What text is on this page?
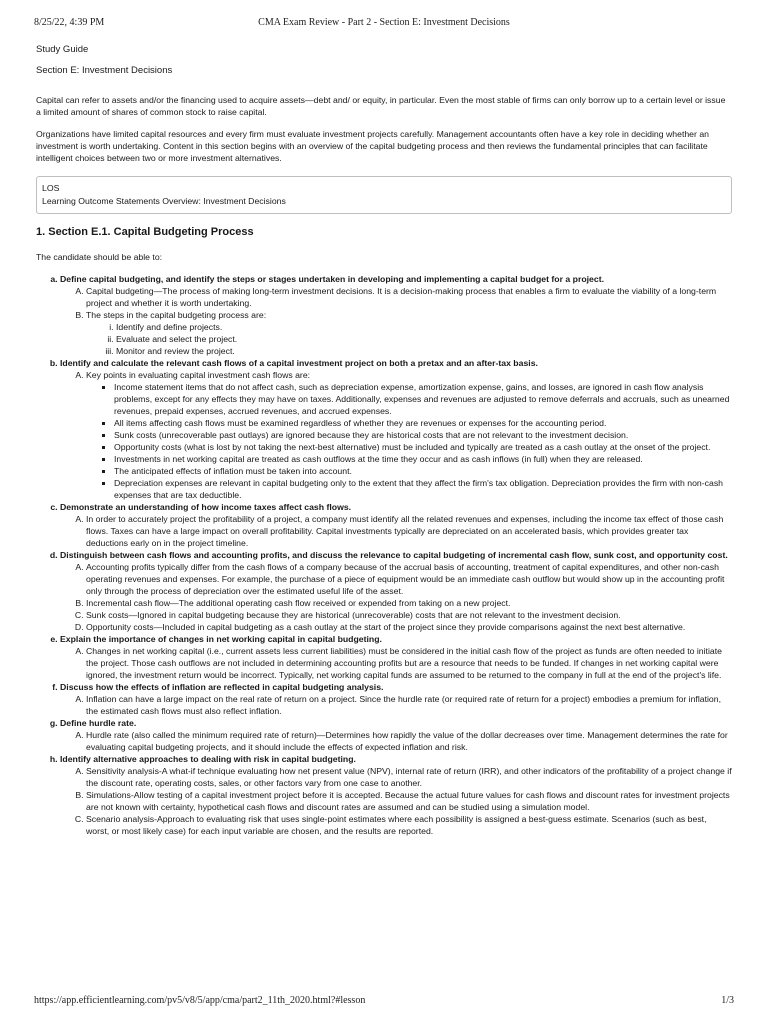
8/25/22, 4:39 PM	CMA Exam Review - Part 2 - Section E: Investment Decisions
Study Guide
Section E: Investment Decisions

Capital can refer to assets and/or the financing used to acquire assets—debt and/ or equity, in particular. Even the most stable of firms can only borrow up to a certain level or issue a limited amount of shares of common stock to raise capital.

Organizations have limited capital resources and every firm must evaluate investment projects carefully. Management accountants often have a key role in deciding whether an investment is worth undertaking. Content in this section begins with an overview of the capital budgeting process and then reviews the fundamental principles that can facilitate intelligent choices between two or more investment alternatives.

LOS
Learning Outcome Statements Overview: Investment Decisions
1. Section E.1. Capital Budgeting Process
The candidate should be able to:
a. Define capital budgeting, and identify the steps or stages undertaken in developing and implementing a capital budget for a project.
A. Capital budgeting—The process of making long-term investment decisions. It is a decision-making process that enables a firm to evaluate the viability of a long-term project and whether it is worth undertaking.
B. The steps in the capital budgeting process are:
i. Identify and define projects.
ii. Evaluate and select the project.
iii. Monitor and review the project.
b. Identify and calculate the relevant cash flows of a capital investment project on both a pretax and an after-tax basis.
A. Key points in evaluating capital investment cash flows are:
▪ Income statement items that do not affect cash, such as depreciation expense, amortization expense, gains, and losses, are ignored in cash flow analysis problems, except for any effects they may have on taxes. Additionally, expenses and revenues are adjusted to remove deferrals and accruals, such as unearned revenues, prepaid expenses, accrued revenues, and accrued expenses.
▪ All items affecting cash flows must be examined regardless of whether they are revenues or expenses for the accounting period.
▪ Sunk costs (unrecoverable past outlays) are ignored because they are historical costs that are not relevant to the investment decision.
▪ Opportunity costs (what is lost by not taking the next-best alternative) must be included and typically are treated as a cash outlay at the onset of the project.
▪ Investments in net working capital are treated as cash outflows at the time they occur and as cash inflows (in full) when they are released.
▪ The anticipated effects of inflation must be taken into account.
▪ Depreciation expenses are relevant in capital budgeting only to the extent that they affect the firm's tax obligation. Depreciation provides the firm with non-cash expenses that are tax deductible.
c. Demonstrate an understanding of how income taxes affect cash flows.
A. In order to accurately project the profitability of a project, a company must identify all the related revenues and expenses, including the income tax effect of those cash flows. Taxes can have a large impact on overall profitability. Capital investments typically are depreciated on an accelerated basis, which provides greater tax deductions early on in the project timeline.
d. Distinguish between cash flows and accounting profits, and discuss the relevance to capital budgeting of incremental cash flow, sunk cost, and opportunity cost.
A. Accounting profits typically differ from the cash flows of a company because of the accrual basis of accounting, treatment of capital expenditures, and other non-cash operating revenues and expenses. For example, the purchase of a piece of equipment would be an immediate cash outflow but would show up in the accounting profit only through the process of depreciation over the estimated useful life of the asset.
B. Incremental cash flow—The additional operating cash flow received or expended from taking on a new project.
C. Sunk costs—Ignored in capital budgeting because they are historical (unrecoverable) costs that are not relevant to the investment decision.
D. Opportunity costs—Included in capital budgeting as a cash outlay at the start of the project since they provide comparisons against the next best alternative.
e. Explain the importance of changes in net working capital in capital budgeting.
A. Changes in net working capital (i.e., current assets less current liabilities) must be considered in the initial cash flow of the project as funds are often needed to initiate the project. Those cash outflows are not included in determining accounting profits but are a resource that needs to be funded. If changes in net working capital were ignored, the investment return would be incorrect. Typically, net working capital funds are assumed to be returned to the company in full at the end of the project's life.
f. Discuss how the effects of inflation are reflected in capital budgeting analysis.
A. Inflation can have a large impact on the real rate of return on a project. Since the hurdle rate (or required rate of return for a project) embodies a premium for inflation, the estimated cash flows must also reflect inflation.
g. Define hurdle rate.
A. Hurdle rate (also called the minimum required rate of return)—Determines how rapidly the value of the dollar decreases over time. Management determines the rate for evaluating capital budgeting projects, and it should include the effects of expected inflation and risk.
h. Identify alternative approaches to dealing with risk in capital budgeting.
A. Sensitivity analysis-A what-if technique evaluating how net present value (NPV), internal rate of return (IRR), and other indicators of the profitability of a project change if the discount rate, operating costs, sales, or other factors vary from one case to another.
B. Simulations-Allow testing of a capital investment project before it is accepted. Because the actual future values for cash flows and discount rates for investment projects are not known with certainty, hypothetical cash flows and discount rates are assumed and can be studied using a simulation model.
C. Scenario analysis-Approach to evaluating risk that uses single-point estimates where each possibility is assigned a best-guess estimate. Scenarios (such as best, worst, or most likely case) for each input variable are chosen, and the results are reported.
https://app.efficientlearning.com/pv5/v8/5/app/cma/part2_11th_2020.html?#lesson	1/3
